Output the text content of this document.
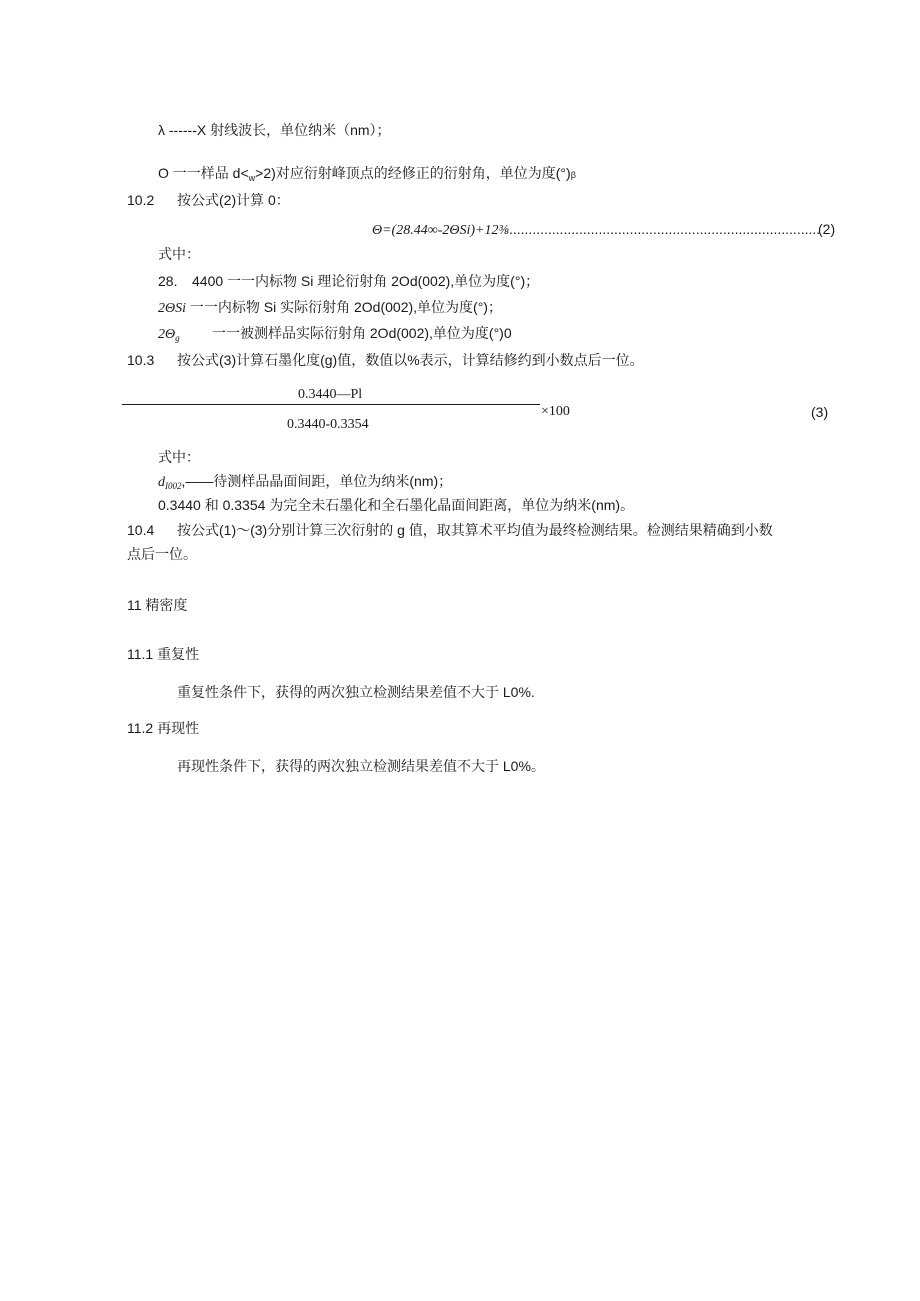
λ ------X 射线波长，单位纳米（nm）；
O 一一样品 $d<_w>2$)对应衍射峰顶点的经修正的衍射角，单位为度(°)β
10.2 按公式(2)计算 0：
Θ=(28.44∞-2ΘSi)+12⅜................................................................................
(2)
式中：
28. 4400 一一内标物 Si 理论衍射角 2Od(002),单位为度(°)；
2ΘSi 一一内标物 Si 实际衍射角 2Od(002),单位为度(°)；
$2\Theta_g$ 一一被测样品实际衍射角 2Od(002),单位为度(°)0
10.3 按公式(3)计算石墨化度(g)值，数值以%表示，计算结修约到小数点后一位。
0.3440—Pl
×100	(3)
0.3440-0.3354
式中：
$d_{I002},——$待测样品晶面间距，单位为纳米(nm)；
0.3440 和 0.3354 为完全未石墨化和全石墨化晶面间距离，单位为纳米(nm)。
10.4 按公式(1)～(3)分别计算三次衍射的 g 值，取其算术平均值为最终检测结果。检测结果精确到小数
点后一位。
11 精密度
11.1 重复性
重复性条件下，获得的两次独立检测结果差值不大于 L0%.
11.2 再现性
再现性条件下，获得的两次独立检测结果差值不大于 L0%。
